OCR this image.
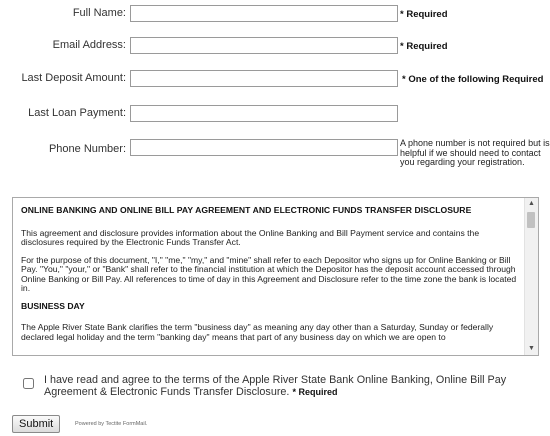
Full Name:	* Required
Email Address:	* Required
Last Deposit Amount:	* One of the following Required
Last Loan Payment:
Phone Number:	A phone number is not required but is helpful if we should need to contact you regarding your registration.
ONLINE BANKING AND ONLINE BILL PAY AGREEMENT AND ELECTRONIC FUNDS TRANSFER DISCLOSURE

This agreement and disclosure provides information about the Online Banking and Bill Payment service and contains the disclosures required by the Electronic Funds Transfer Act.

For the purpose of this document, "I," "me," "my," and "mine" shall refer to each Depositor who signs up for Online Banking or Bill Pay. "You," "your," or "Bank" shall refer to the financial institution at which the Depositor has the deposit account accessed through Online Banking or Bill Pay. All references to time of day in this Agreement and Disclosure refer to the time zone the bank is located in.

BUSINESS DAY

The Apple River State Bank clarifies the term "business day" as meaning any day other than a Saturday, Sunday or federally declared legal holiday and the term "banking day" means that part of any business day on which we are open to

▲
▼
I have read and agree to the terms of the Apple River State Bank Online Banking, Online Bill Pay Agreement & Electronic Funds Transfer Disclosure. * Required
Submit	Powered by Tectite FormMail.
